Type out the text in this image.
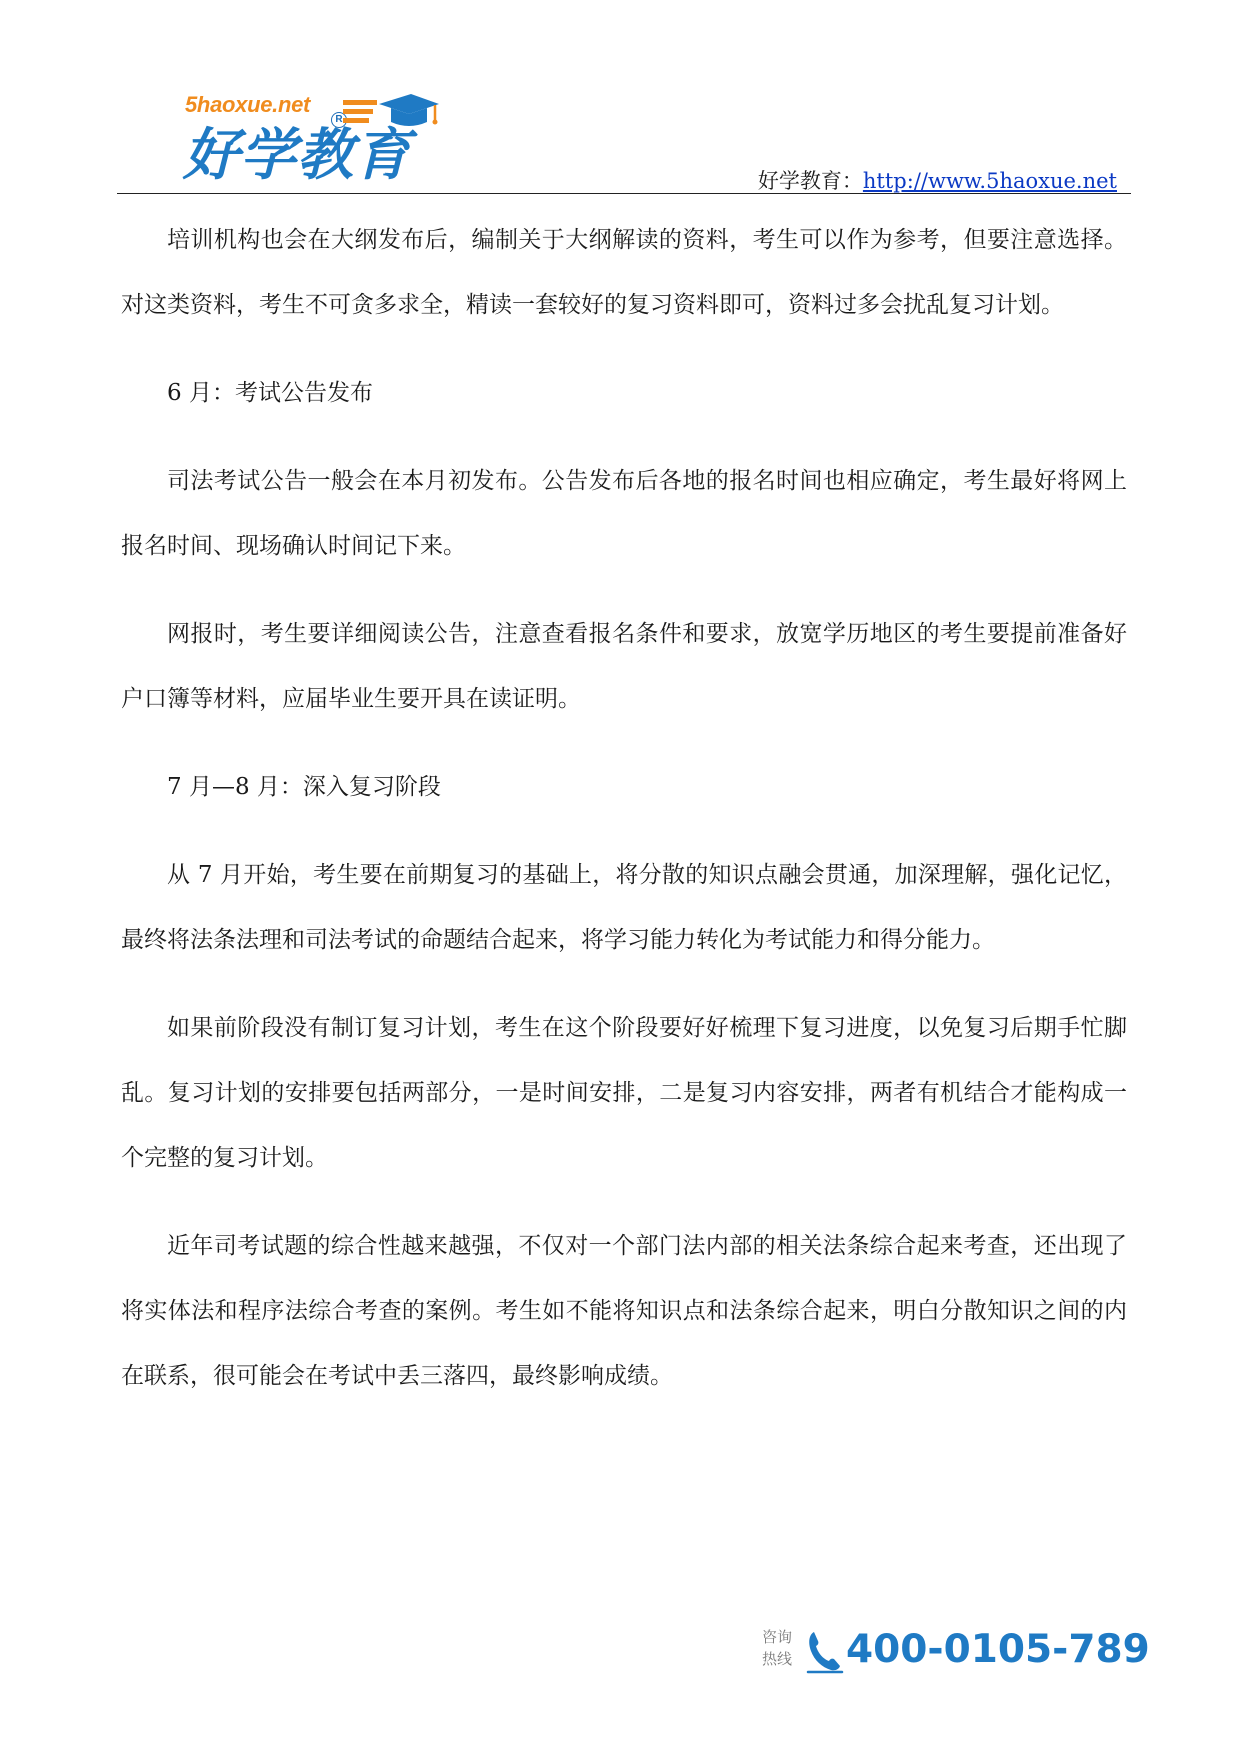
5haoxue.net
R
好学教育	好学教育：http://www.5haoxue.net

培训机构也会在大纲发布后，编制关于大纲解读的资料，考生可以作为参考，但要注意选择。对这类资料，考生不可贪多求全，精读一套较好的复习资料即可，资料过多会扰乱复习计划。

6 月：考试公告发布

司法考试公告一般会在本月初发布。公告发布后各地的报名时间也相应确定，考生最好将网上报名时间、现场确认时间记下来。

网报时，考生要详细阅读公告，注意查看报名条件和要求，放宽学历地区的考生要提前准备好户口簿等材料，应届毕业生要开具在读证明。

7 月—8 月：深入复习阶段

从 7 月开始，考生要在前期复习的基础上，将分散的知识点融会贯通，加深理解，强化记忆，最终将法条法理和司法考试的命题结合起来，将学习能力转化为考试能力和得分能力。

如果前阶段没有制订复习计划，考生在这个阶段要好好梳理下复习进度，以免复习后期手忙脚乱。复习计划的安排要包括两部分，一是时间安排，二是复习内容安排，两者有机结合才能构成一个完整的复习计划。

近年司考试题的综合性越来越强，不仅对一个部门法内部的相关法条综合起来考查，还出现了将实体法和程序法综合考查的案例。考生如不能将知识点和法条综合起来，明白分散知识之间的内在联系，很可能会在考试中丢三落四，最终影响成绩。

咨询
热线	400-0105-789
